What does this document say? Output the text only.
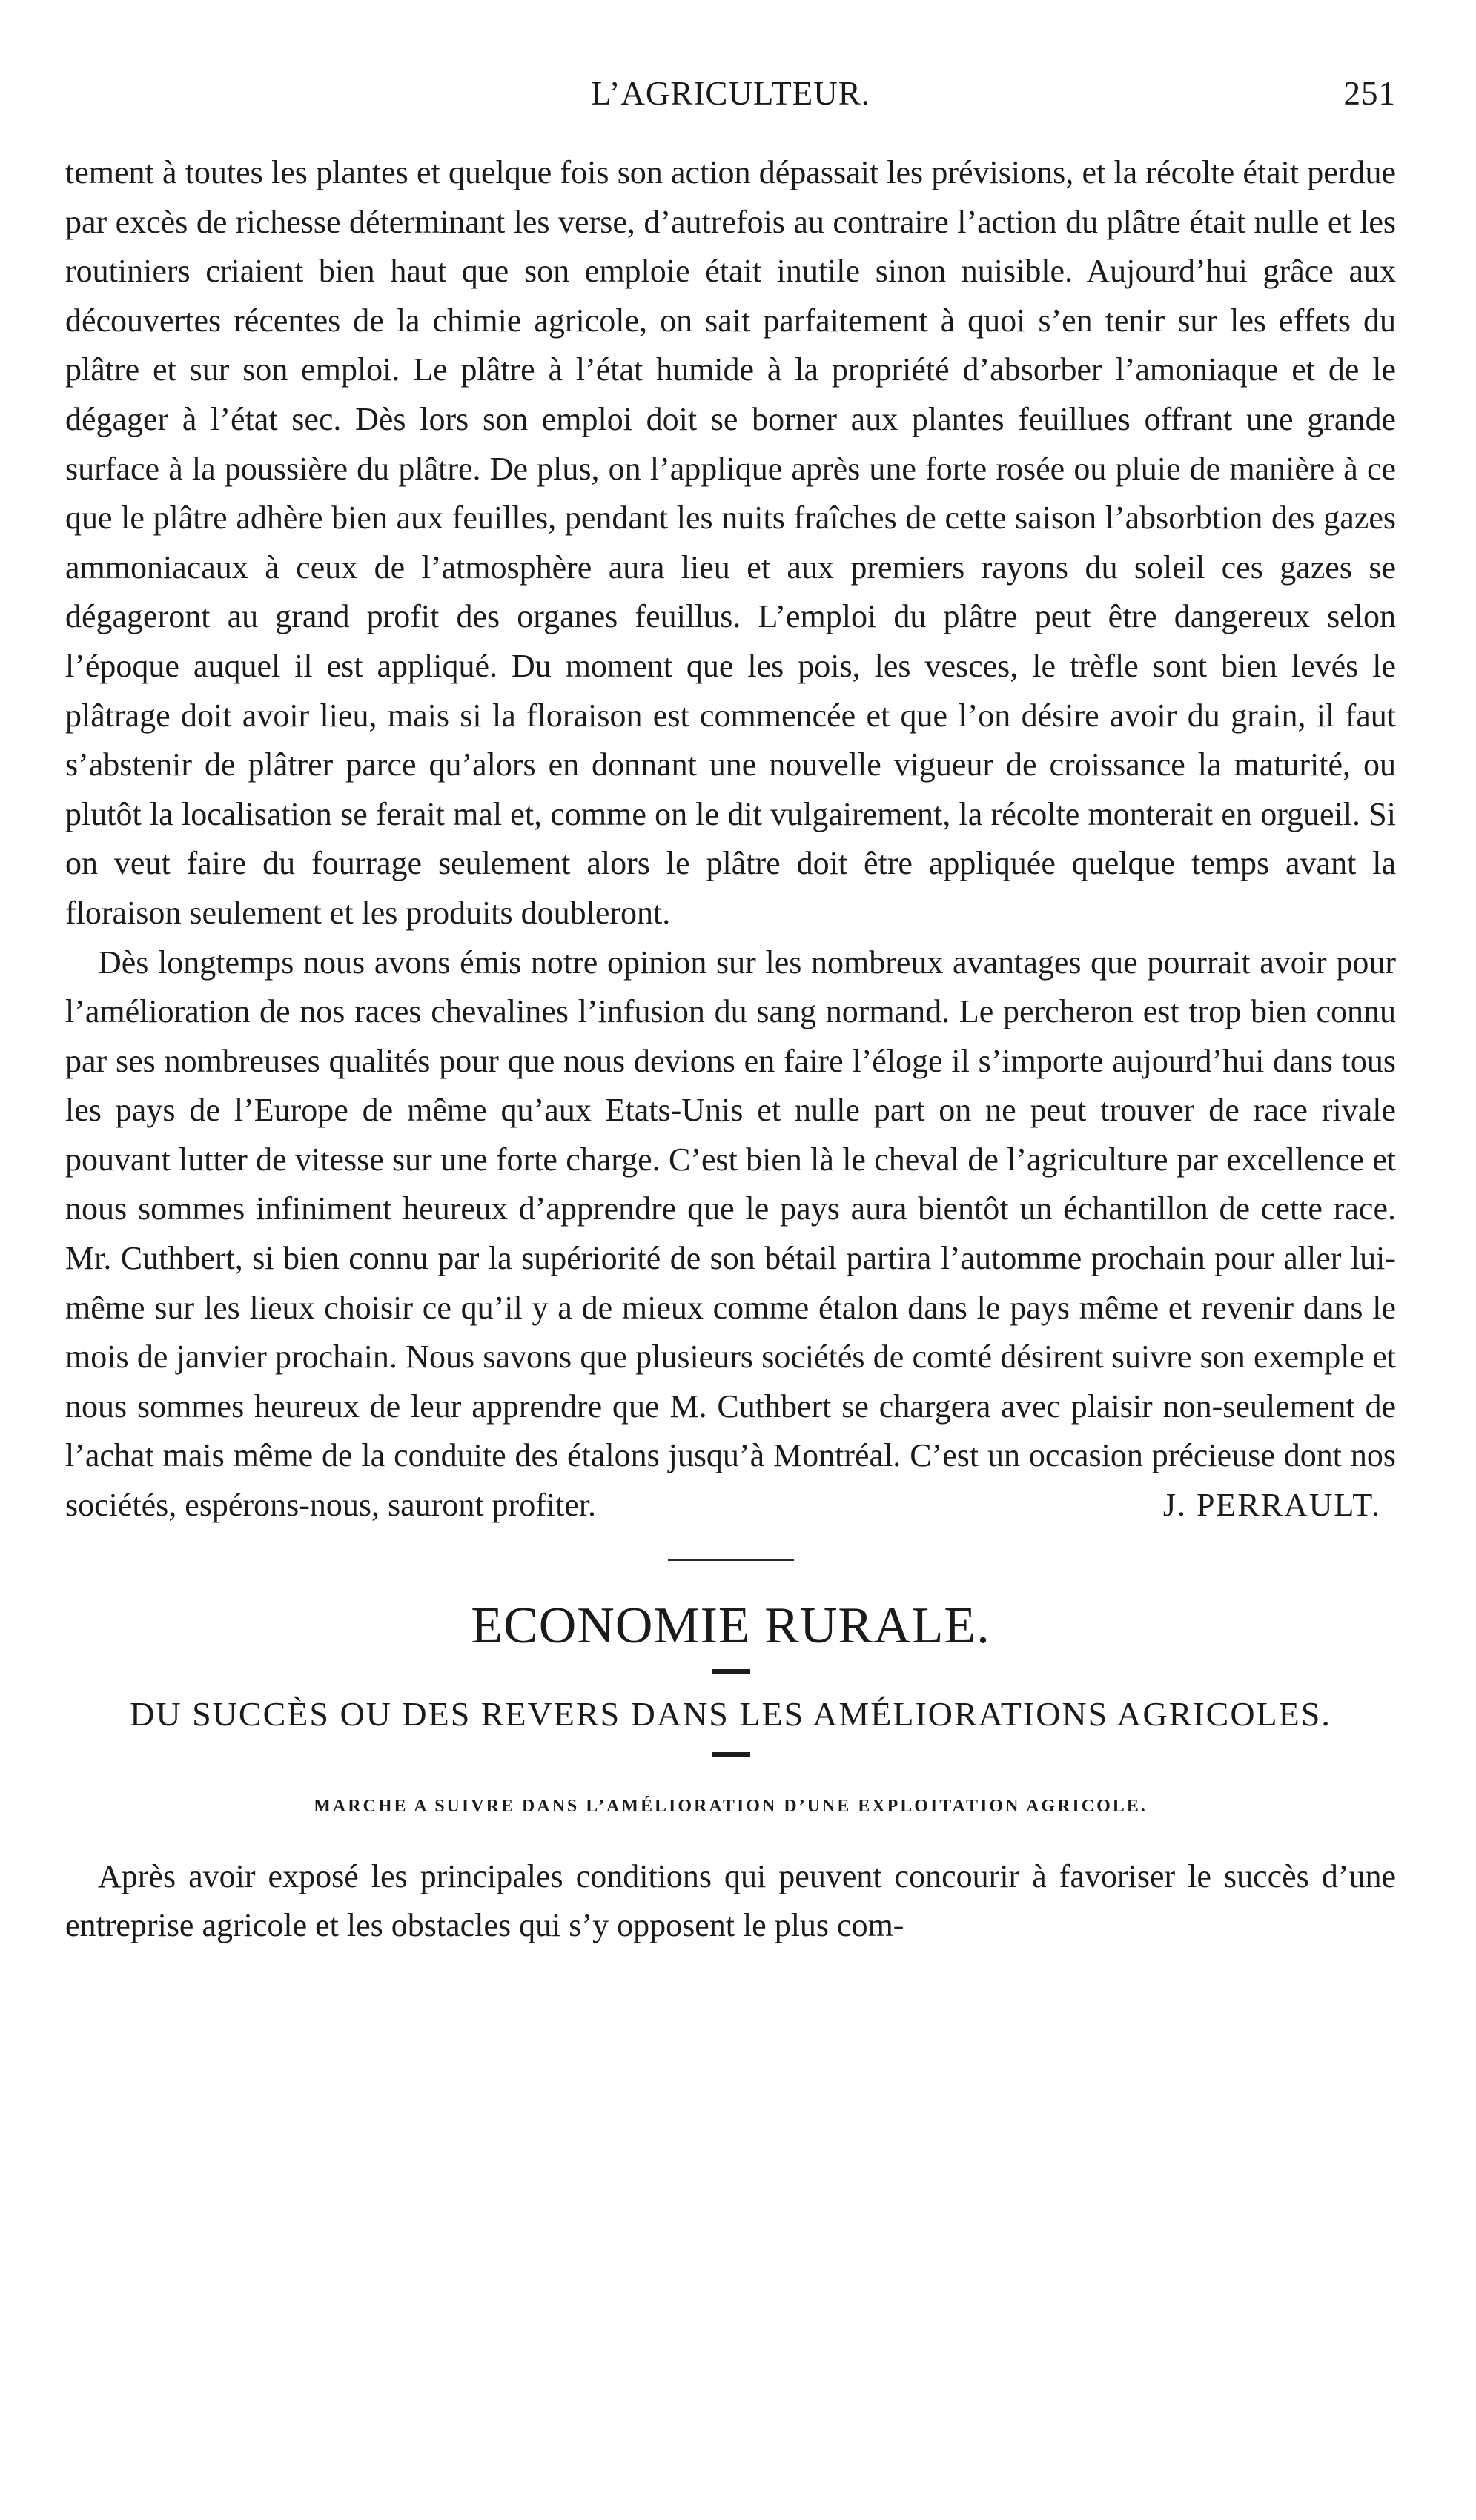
L’AGRICULTEUR.	251

tement à toutes les plantes et quelque fois son action dépassait les prévisions, et la récolte était perdue par excès de richesse déterminant les verse, d’autrefois au contraire l’action du plâtre était nulle et les routiniers criaient bien haut que son emploie était inutile sinon nuisible. Aujourd’hui grâce aux découvertes récentes de la chimie agricole, on sait parfaitement à quoi s’en tenir sur les effets du plâtre et sur son emploi. Le plâtre à l’état humide à la propriété d’absorber l’amoniaque et de le dégager à l’état sec. Dès lors son emploi doit se borner aux plantes feuillues offrant une grande surface à la poussière du plâtre. De plus, on l’applique après une forte rosée ou pluie de manière à ce que le plâtre adhère bien aux feuilles, pendant les nuits fraîches de cette saison l’absorbtion des gazes ammoniacaux à ceux de l’atmosphère aura lieu et aux premiers rayons du soleil ces gazes se dégageront au grand profit des organes feuillus. L’emploi du plâtre peut être dangereux selon l’époque auquel il est appliqué. Du moment que les pois, les vesces, le trèfle sont bien levés le plâtrage doit avoir lieu, mais si la floraison est commencée et que l’on désire avoir du grain, il faut s’abstenir de plâtrer parce qu’alors en donnant une nouvelle vigueur de croissance la maturité, ou plutôt la localisation se ferait mal et, comme on le dit vulgairement, la récolte monterait en orgueil. Si on veut faire du fourrage seulement alors le plâtre doit être appliquée quelque temps avant la floraison seulement et les produits doubleront.

Dès longtemps nous avons émis notre opinion sur les nombreux avantages que pourrait avoir pour l’amélioration de nos races chevalines l’infusion du sang normand. Le percheron est trop bien connu par ses nombreuses qualités pour que nous devions en faire l’éloge il s’importe aujourd’hui dans tous les pays de l’Europe de même qu’aux Etats-Unis et nulle part on ne peut trouver de race rivale pouvant lutter de vitesse sur une forte charge. C’est bien là le cheval de l’agriculture par excellence et nous sommes infiniment heureux d’apprendre que le pays aura bientôt un échantillon de cette race. Mr. Cuthbert, si bien connu par la supériorité de son bétail partira l’automme prochain pour aller lui-même sur les lieux choisir ce qu’il y a de mieux comme étalon dans le pays même et revenir dans le mois de janvier prochain. Nous savons que plusieurs sociétés de comté désirent suivre son exemple et nous sommes heureux de leur apprendre que M. Cuthbert se chargera avec plaisir non-seulement de l’achat mais même de la conduite des étalons jusqu’à Montréal. C’est un occasion précieuse dont nos sociétés, espérons-nous, sauront profiter.	J. PERRAULT.

ECONOMIE RURALE.
DU SUCCÈS OU DES REVERS DANS LES AMÉLIORATIONS AGRICOLES.
MARCHE A SUIVRE DANS L’AMÉLIORATION D’UNE EXPLOITATION AGRICOLE.
Après avoir exposé les principales conditions qui peuvent concourir à favoriser le succès d’une entreprise agricole et les obstacles qui s’y opposent le plus com-
